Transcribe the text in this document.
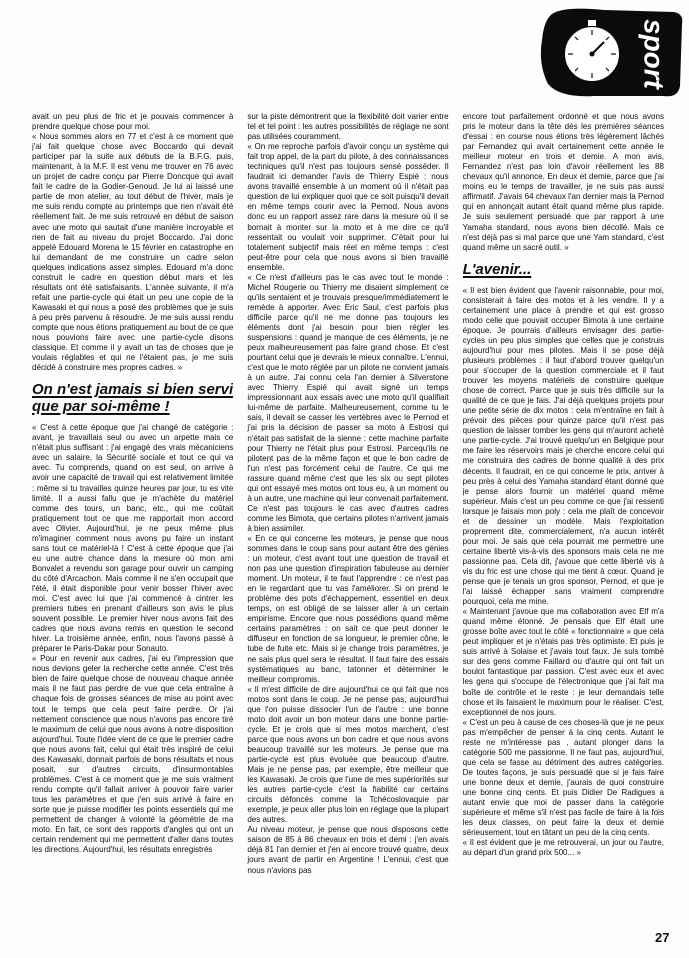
sport

avait un peu plus de fric et je pouvais commencer à prendre quelque chose pour moi.

« Nous sommes alors en 77 et c'est à ce moment que j'ai fait quelque chose avec Boccardo qui devait participer par la suite aux débuts de la B.F.G. puis, maintenant, à la M.F. Il est venu me trouver en 76 avec un projet de cadre conçu par Pierre Doncque qui avait fait le cadre de la Godier-Genoud. Je lui ai laissé une partie de mon atelier, au tout début de l'hiver, mais je me suis rendu compte au printemps que rien n'avait été réellement fait. Je me suis retrouvé en début de saison avec une moto qui sautait d'une manière incroyable et rien de fait au niveau du projet Boccardo. J'ai donc appelé Edouard Morena le 15 février en catastrophe en lui demandant de me construire un cadre selon quelques indications assez simples. Edouard m'a donc construit le cadre en question début mars et les résultats ont été satisfaisants. L'année suivante, il m'a refait une partie-cycle qui était un peu une copie de la Kawasaki et qui nous a posé des problèmes que je suis à peu près parvenu à résoudre. Je me suis aussi rendu compte que nous étions pratiquement au bout de ce que nous pouvions faire avec une partie-cycle disons classique. Et comme il y avait un tas de choses que je voulais réglables et qui ne l'étaient pas, je me suis décidé à construire mes propres cadres. »

On n'est jamais si bien servi que par soi-même !

« C'est à cette époque que j'ai changé de catégorie : avant, je travaillais seul ou avec un arpette mais ce n'était plus suffisant : j'ai engagé des vrais mécaniciens avec un salaire, la Sécurité sociale et tout ce qui va avec. Tu comprends, quand on est seul, on arrive à avoir une capacité de travail qui est relativement limitée : même si tu travailles quinze heures par jour, tu es vite limité. Il a aussi fallu que je m'achète du matériel comme des tours, un banc, etc., qui me coûtait pratiquement tout ce que me rapportait mon accord avec Olivier. Aujourd'hui, je ne peux même plus m'imaginer comment nous avons pu faire un instant sans tout ce matériel-là ! C'est à cette époque que j'ai eu une autre chance dans la mesure où mon ami Bonvalet a revendu son garage pour ouvrir un camping du côté d'Arcachon. Mais comme il ne s'en occupait que l'été, il était disponible pour venir bosser l'hiver avec moi. C'est avec lui que j'ai commencé à cintrer les premiers tubes en prenant d'ailleurs son avis le plus souvent possible. Le premier hiver nous avons fait des cadres que nous avons remis en question le second hiver. La troisième année, enfin, nous l'avons passé à préparer le Paris-Dakar pour Sonauto.

« Pour en revenir aux cadres, j'ai eu l'impression que nous devions geler la recherche cette année. C'est très bien de faire quelque chose de nouveau chaque année mais il ne faut pas perdre de vue que cela entraîne à chaque fois de grosses séances de mise au point avec tout le temps que cela peut faire perdre. Or j'ai nettement conscience que nous n'avons pas encore tiré le maximum de celui que nous avons à notre disposition aujourd'hui. Toute l'idée vient de ce que le premier cadre que nous avons fait, celui qui était très inspiré de celui des Kawasaki, donnait parfois de bons résultats et nous posait, sur d'autres circuits, d'insurmontables problèmes. C'est à ce moment que je me suis vraiment rendu compte qu'il fallait arriver à pouvoir faire varier tous les paramètres et que j'en suis arrivé à faire en sorte que je puisse modifier les points essentiels qui me permettent de changer à volonté la géométrie de ma moto. En fait, ce sont des rapports d'angles qui ont un certain rendement qui me permettent d'aller dans toutes les directions. Aujourd'hui, les résultats enregistrés

sur la piste démontrent que la flexibilité doit varier entre tel et tel point : les autres possibilités de réglage ne sont pas utilisées couramment.

« On me reproche parfois d'avoir conçu un système qui fait trop appel, de la part du pilote, à des connaissances techniques qu'il n'est pas toujours sensé posséder. Il faudrait ici demander l'avis de Thierry Espié : nous avons travaillé ensemble à un moment où il n'était pas question de lui expliquer quoi que ce soit puisqu'il devait en même temps courir avec la Pernod. Nous avons donc eu un rapport assez rare dans la mesure où il se bornait à monter sur la moto et à me dire ce qu'il ressentait ou voulait voir supprimer. C'était pour lui totalement subjectif mais réel en même temps : c'est peut-être pour cela que nous avons si bien travaillé ensemble.

« Ce n'est d'ailleurs pas le cas avec tout le monde : Michel Rougerie ou Thierry me disaient simplement ce qu'ils sentaient et je trouvais presque/immédiatement le remède à apporter. Avec Eric Saul, c'est parfois plus difficile parce qu'il ne me donne pas toujours les éléments dont j'ai besoin pour bien régler les suspensions : quand je manque de ces éléments, je ne peux malheureusement pas faire grand chose. Et c'est pourtant celui que je devrais le mieux connaître. L'ennui, c'est que le moto réglée par un pilote ne convient jamais à un autre. J'ai connu cela l'an dernier à Silverstone avec Thierry Espié qui avait signé un temps impressionnant aux essais avec une moto qu'il qualifiait lui-même de parfaite. Malheureusement, comme tu le sais, il devait se casser les vertèbres avec le Pernod et j'ai pris la décision de passer sa moto à Estrosi qui n'était pas satisfait de la sienne : cette machine parfaite pour Thierry ne l'était plus pour Estrosi. Parcequ'ils ne pilotent pas de la même façon et que le bon cadre de l'un n'est pas forcément celui de l'autre. Ce qui me rassure quand même c'est que les six ou sept pilotes qui ont essayé mes motos ont tous eu, à un moment ou à un autre, une machine qui leur convenait parfaitement. Ce n'est pas toujours le cas avec d'autres cadres comme les Bimota, que certains pilotes n'arrivent jamais à bien assimiler.

« En ce qui concerne les moteurs, je pense que nous sommes dans le coup sans pour autant être des génies : un moteur, c'est avant tout une question de travail et non pas une question d'inspiration fabuleuse au dernier moment. Un moteur, il te faut l'apprendre : ce n'est pas en le regardant que tu vas l'améliorer. Si on prend le problème des pots d'échappement, essentiel en deux temps, on est obligé de se laisser aller à un certain empirisme. Encore que nous possédions quand même certains paramètres : on sait ce que peut donner le diffuseur en fonction de sa longueur, le premier cône, le tube de fuite etc. Mais si je change trois paramètres, je ne sais plus quel sera le résultat. Il faut faire des essais systématiques au banc, tatonner et déterminer le meilleur compromis.

« Il m'est difficile de dire aujourd'hui ce qui fait que nos motos sont dans le coup. Je ne pense pas, aujourd'hui que l'on puisse dissocier l'un de l'autre : une bonne moto doit avoir un bon moteur dans une bonne partie-cycle. Et je crois que si mes motos marchent, c'est parce que nous avons un bon cadre et que nous avons beaucoup travaillé sur les moteurs. Je pense que ma partie-cycle est plus évoluée que beaucoup d'autre. Mais je ne pense pas, par exemple, être meilleur que les Kawasaki. Je crois que l'une de mes supériorités sur les autres partie-cycle c'est la fiabilité car certains circuits défoncés comme la Tchécoslovaquie par exemple, je peux aller plus loin en réglage que la plupart des autres.

Au niveau moteur, je pense que nous disposons cette saison de 85 à 86 chevaux en trois et demi : j'en avais déjà 81 l'an dernier et j'en ai encore trouvé quatre, deux jours avant de partir en Argentine ! L'ennui, c'est que nous n'avions pas

encore tout parfaitement ordonné et que nous avons pris le moteur dans la tête dès les premières séances d'essai : en course nous étions très légèrement lâchés par Fernandez qui avait certainement cette année le meilleur moteur en trois et demie. A mon avis, Fernandez n'est pas loin d'avoir réellement les 88 chevaux qu'il annonce. En deux et demie, parce que j'ai moins eu le temps de travailler, je ne suis pas aussi affirmatif. J'avais 64 chevaux l'an dernier mais la Pernod qui en annonçait autant était quand même plus rapide. Je suis seulement persuadé que par rapport à une Yamaha standard, nous avons bien décollé. Mais ce n'est déjà pas si mal parce que une Yam standard, c'est quand même un sacré outil. »

L'avenir...

« Il est bien évident que l'avenir raisonnable, pour moi, consisterait à faire des motos et à les vendre. Il y a certainement une place à prendre et qui est grosso modo celle que pouvait occuper Bimota à une certaine époque. Je pourrais d'ailleurs envisager des partie-cycles un peu plus simples que celles que je construis aujourd'hui pour mes pilotes. Mais il se pose déjà plusieurs problèmes : il faut d'abord trouver quelqu'un pour s'occuper de la question commerciale et il faut trouver les moyens matériels de construire quelque chose de correct. Parce que je suis très difficile sur la qualité de ce que je fais. J'ai déjà quelques projets pour une petite série de dix motos : cela m'entraîne en fait à prévoir des pièces pour quinze parce qu'il n'est pas question de laisser tomber les gens qui m'auront acheté une partie-cycle. J'ai trouvé quelqu'un en Belgique pour me faire les réservoirs mais je cherche encore celui qui me construira des cadres de bonne qualité à des prix décents. Il faudrait, en ce qui concerne le prix, arriver à peu près à celui des Yamaha standard étant donné que je pense alors fournir un matériel quand même supérieur. Mais c'est un peu comme ce que j'ai ressenti lorsque je faisais mon poly : cela me plaît de concevoir et de dessiner un modèle. Mais l'exploitation proprement dite, commercialement, n'a aucun intérêt pour moi. Je sais que cela pourrait me permettre une certaine liberté vis-à-vis des sponsors mais cela ne me passionne pas. Cela dit, j'avoue que cette liberté vis à vis du fric est une chose qui me tient à cœur. Quand je pense que je tenais un gros sponsor, Pernod, et que je l'ai laissé échapper sans vraiment comprendre pourquoi, cela me mine.

« Maintenant j'avoue que ma collaboration avec Elf m'a quand même étonné. Je pensais que Elf était une grosse boîte avec tout le côté « fonctionnaire » que cela peut impliquer et je n'étais pas très optimiste. Et puis je suis arrivé à Solaise et j'avais tout faux. Je suis tombé sur des gens comme Faillard ou d'autre qui ont fait un boulot fantastique par passion. C'est avec eux et avec les gens qui s'occupe de l'électronique que j'ai fait ma boîte de contrôle et le reste : je leur demandais telle chose et ils faisaient le maximum pour le réaliser. C'est, exceptionnel de nos jours.

« C'est un peu à cause de ces choses-là que je ne peux pas m'empêcher de penser à la cinq cents. Autant le reste ne m'intéresse pas , autant plonger dans la catégorie 500 me passionne. Il ne faut pas, aujourd'hui, que cela se fasse au détriment des autres catégories. De toutes façons, je suis persuadé que si je fais faire une bonne deux et demie, j'aurais de quoi construire une bonne cinq cents. Et puis Didier De Radigues a autant envie que moi de passer dans la catégorie supérieure et même s'il n'est pas facile de faire à la fois les deux classes, on peut faire la deux et demie sérieusement, tout en tâtant un peu de la cinq cents.

« Il est évident que je me retrouverai, un jour ou l'autre, au départ d'un grand prix 500... »

27
